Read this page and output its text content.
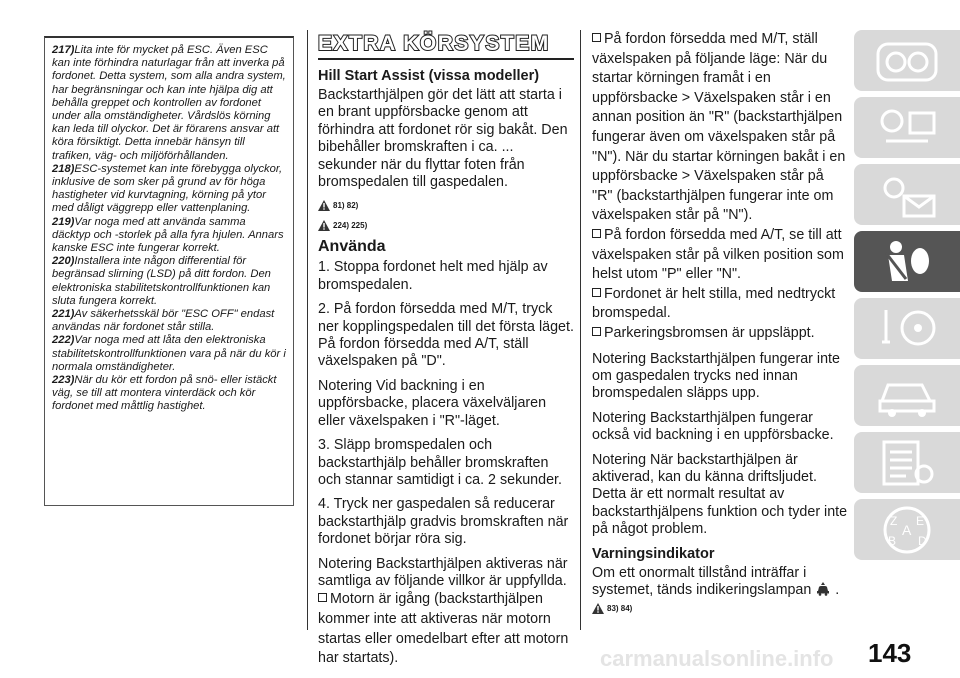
217)Lita inte för mycket på ESC. Även ESC kan inte förhindra naturlagar från att inverka på fordonet. Detta system, som alla andra system, har begränsningar och kan inte hjälpa dig att behålla greppet och kontrollen av fordonet under alla omständigheter. Vårdslös körning kan leda till olyckor. Det är förarens ansvar att köra försiktigt. Detta innebär hänsyn till trafiken, väg- och miljöförhållanden.

218)ESC-systemet kan inte förebygga olyckor, inklusive de som sker på grund av för höga hastigheter vid kurvtagning, körning på ytor med dåligt väggrepp eller vattenplaning.

219)Var noga med att använda samma däcktyp och -storlek på alla fyra hjulen. Annars kanske ESC inte fungerar korrekt.

220)Installera inte någon differential för begränsad slirning (LSD) på ditt fordon. Den elektroniska stabilitetskontrollfunktionen kan sluta fungera korrekt.

221)Av säkerhetsskäl bör "ESC OFF" endast användas när fordonet står stilla.

222)Var noga med att låta den elektroniska stabilitetskontrollfunktionen vara på när du kör i normala omständigheter.

223)När du kör ett fordon på snö- eller istäckt väg, se till att montera vinterdäck och kör fordonet med måttlig hastighet.

EXTRA KÖRSYSTEM
Hill Start Assist (vissa modeller)
Backstarthjälpen gör det lätt att starta i en brant uppförsbacke genom att förhindra att fordonet rör sig bakåt. Den bibehåller bromskraften i ca. ... sekunder när du flyttar foten från bromspedalen till gaspedalen.
81) 82)
224) 225)
Använda
1. Stoppa fordonet helt med hjälp av bromspedalen.
2. På fordon försedda med M/T, tryck ner kopplingspedalen till det första läget. På fordon försedda med A/T, ställ växelspaken på "D".
Notering Vid backning i en uppförsbacke, placera växelväljaren eller växelspaken i "R"-läget.
3. Släpp bromspedalen och backstarthjälp behåller bromskraften och stannar samtidigt i ca. 2 sekunder.
4. Tryck ner gaspedalen så reducerar backstarthjälp gradvis bromskraften när fordonet börjar röra sig.
Notering Backstarthjälpen aktiveras när samtliga av följande villkor är uppfyllda.
Motorn är igång (backstarthjälpen kommer inte att aktiveras när motorn startas eller omedelbart efter att motorn har startats).
På fordon försedda med M/T, ställ växelspaken på följande läge: När du startar körningen framåt i en uppförsbacke > Växelspaken står i en annan position än "R" (backstarthjälpen fungerar även om växelspaken står på "N"). När du startar körningen bakåt i en uppförsbacke > Växelspaken står på "R" (backstarthjälpen fungerar inte om växelspaken står på "N").
På fordon försedda med A/T, se till att växelspaken står på vilken position som helst utom "P" eller "N".
Fordonet är helt stilla, med nedtryckt bromspedal.
Parkeringsbromsen är uppsläppt.
Notering Backstarthjälpen fungerar inte om gaspedalen trycks ned innan bromspedalen släpps upp.
Notering Backstarthjälpen fungerar också vid backning i en uppförsbacke.
Notering När backstarthjälpen är aktiverad, kan du känna driftsljudet. Detta är ett normalt resultat av backstarthjälpens funktion och tyder inte på något problem.
Varningsindikator
Om ett onormalt tillstånd inträffar i systemet, tänds indikeringslampan .
83) 84)
Z E
A
B D
143
carmanualsonline.info
